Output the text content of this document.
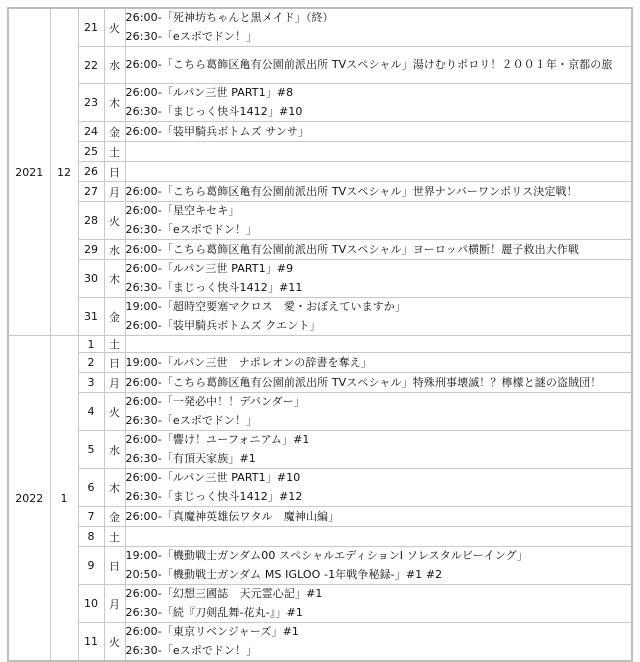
2021	12	21	火	26:00-「死神坊ちゃんと黒メイド」（終）
26:30-「eスポでドン！」

		22	水	26:00-「こちら葛飾区亀有公園前派出所 TVスペシャル」湯けむりポロリ！２００１年・京都の旅

		23	木	26:00-「ルパン三世 PART1」#8
26:30-「まじっく快斗1412」#10

		24	金	26:00-「装甲騎兵ボトムズ サンサ」

		25	土	
		26	日	
		27	月	26:00-「こちら葛飾区亀有公園前派出所 TVスペシャル」世界ナンバーワンポリス決定戦！

		28	火	26:00-「星空キセキ」
26:30-「eスポでドン！」

		29	水	26:00-「こちら葛飾区亀有公園前派出所 TVスペシャル」ヨーロッパ横断！麗子救出大作戦

		30	木	26:00-「ルパン三世 PART1」#9
26:30-「まじっく快斗1412」#11

		31	金	19:00-「超時空要塞マクロス　愛・おぼえていますか」
26:00-「装甲騎兵ボトムズ クエント」

2022	1	1	土	
		2	日	19:00-「ルパン三世　ナポレオンの辞書を奪え」

		3	月	26:00-「こちら葛飾区亀有公園前派出所 TVスペシャル」特殊刑事壊滅！？檸檬と謎の盗賊団！

		4	火	26:00-「一発必中！！デバンダー」
26:30-「eスポでドン！」

		5	水	26:00-「響け！ユーフォニアム」#1
26:30-「有頂天家族」#1

		6	木	26:00-「ルパン三世 PART1」#10
26:30-「まじっく快斗1412」#12

		7	金	26:00-「真魔神英雄伝ワタル　魔神山編」

		8	土	
		9	日	19:00-「機動戦士ガンダム00 スペシャルエディションⅠ ソレスタルビーイング」
20:50-「機動戦士ガンダム MS IGLOO -1年戦争秘録-」#1 #2

		10	月	26:00-「幻想三國誌　天元霊心記」#1
26:30-「続『刀剣乱舞-花丸-』」#1

		11	火	26:00-「東京リベンジャーズ」#1
26:30-「eスポでドン！」
